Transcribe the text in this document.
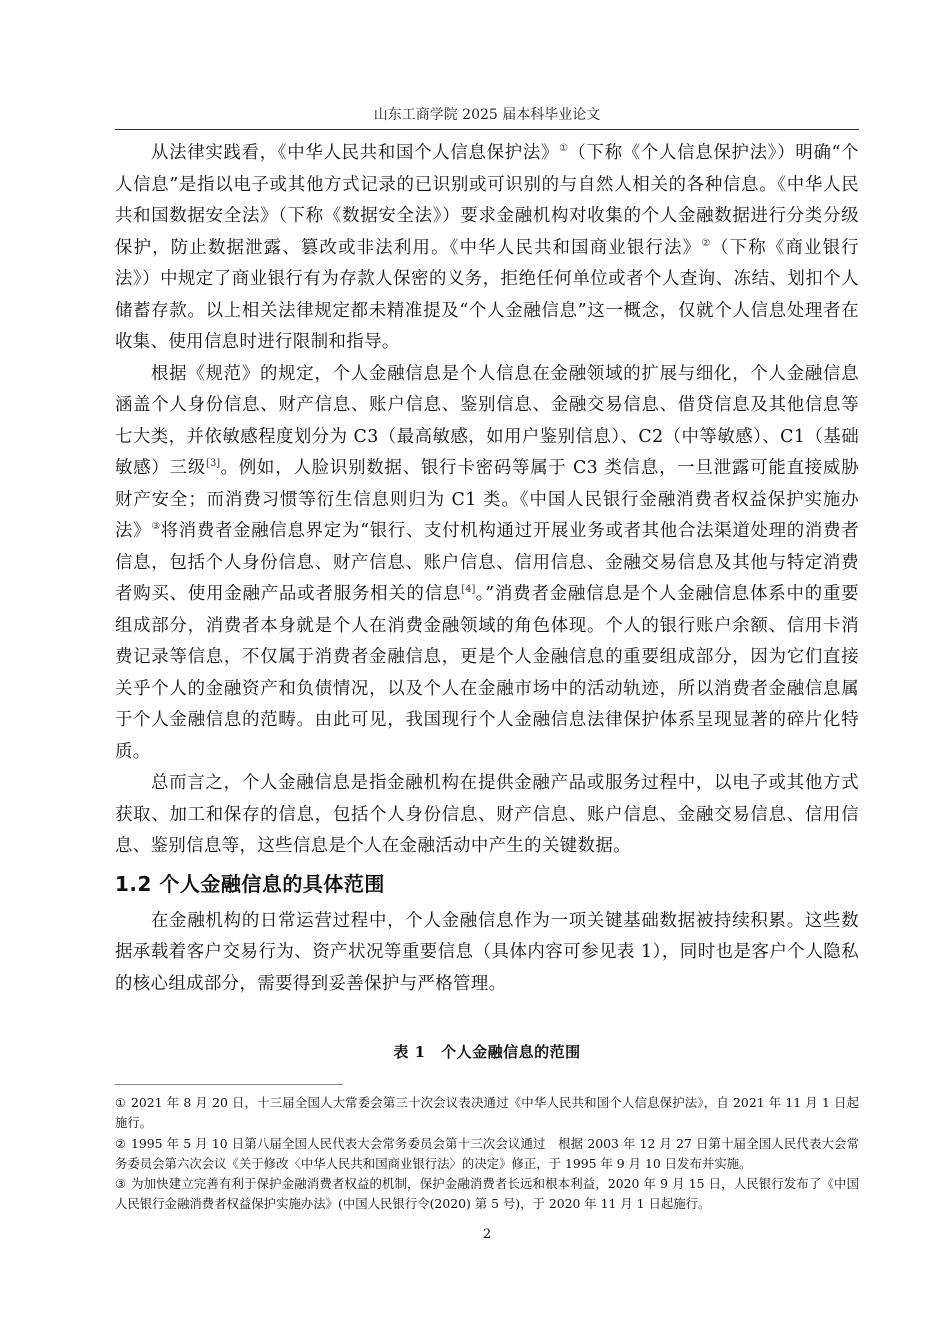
山东工商学院 2025 届本科毕业论文

从法律实践看，《中华人民共和国个人信息保护法》①（下称《个人信息保护法》）明确“个人信息”是指以电子或其他方式记录的已识别或可识别的与自然人相关的各种信息。《中华人民共和国数据安全法》（下称《数据安全法》）要求金融机构对收集的个人金融数据进行分类分级保护，防止数据泄露、篡改或非法利用。《中华人民共和国商业银行法》②（下称《商业银行法》）中规定了商业银行有为存款人保密的义务，拒绝任何单位或者个人查询、冻结、划扣个人储蓄存款。以上相关法律规定都未精准提及“个人金融信息”这一概念，仅就个人信息处理者在收集、使用信息时进行限制和指导。

根据《规范》的规定，个人金融信息是个人信息在金融领域的扩展与细化，个人金融信息涵盖个人身份信息、财产信息、账户信息、鉴别信息、金融交易信息、借贷信息及其他信息等七大类，并依敏感程度划分为 C3（最高敏感，如用户鉴别信息）、C2（中等敏感）、C1（基础敏感）三级[3]。例如，人脸识别数据、银行卡密码等属于 C3 类信息，一旦泄露可能直接威胁财产安全；而消费习惯等衍生信息则归为 C1 类。《中国人民银行金融消费者权益保护实施办法》③将消费者金融信息界定为“银行、支付机构通过开展业务或者其他合法渠道处理的消费者信息，包括个人身份信息、财产信息、账户信息、信用信息、金融交易信息及其他与特定消费者购买、使用金融产品或者服务相关的信息[4]。”消费者金融信息是个人金融信息体系中的重要组成部分，消费者本身就是个人在消费金融领域的角色体现。个人的银行账户余额、信用卡消费记录等信息，不仅属于消费者金融信息，更是个人金融信息的重要组成部分，因为它们直接关乎个人的金融资产和负债情况，以及个人在金融市场中的活动轨迹，所以消费者金融信息属于个人金融信息的范畴。由此可见，我国现行个人金融信息法律保护体系呈现显著的碎片化特质。

总而言之，个人金融信息是指金融机构在提供金融产品或服务过程中，以电子或其他方式获取、加工和保存的信息，包括个人身份信息、财产信息、账户信息、金融交易信息、信用信息、鉴别信息等，这些信息是个人在金融活动中产生的关键数据。

1.2 个人金融信息的具体范围

在金融机构的日常运营过程中，个人金融信息作为一项关键基础数据被持续积累。这些数据承载着客户交易行为、资产状况等重要信息（具体内容可参见表 1），同时也是客户个人隐私的核心组成部分，需要得到妥善保护与严格管理。

表 1　个人金融信息的范围

① 2021 年 8 月 20 日，十三届全国人大常委会第三十次会议表决通过《中华人民共和国个人信息保护法》，自 2021 年 11 月 1 日起施行。

② 1995 年 5 月 10 日第八届全国人民代表大会常务委员会第十三次会议通过　根据 2003 年 12 月 27 日第十届全国人民代表大会常务委员会第六次会议《关于修改〈中华人民共和国商业银行法〉的决定》修正，于 1995 年 9 月 10 日发布并实施。

③ 为加快建立完善有利于保护金融消费者权益的机制，保护金融消费者长远和根本利益，2020 年 9 月 15 日，人民银行发布了《中国人民银行金融消费者权益保护实施办法》(中国人民银行令(2020) 第 5 号)，于 2020 年 11 月 1 日起施行。

2
